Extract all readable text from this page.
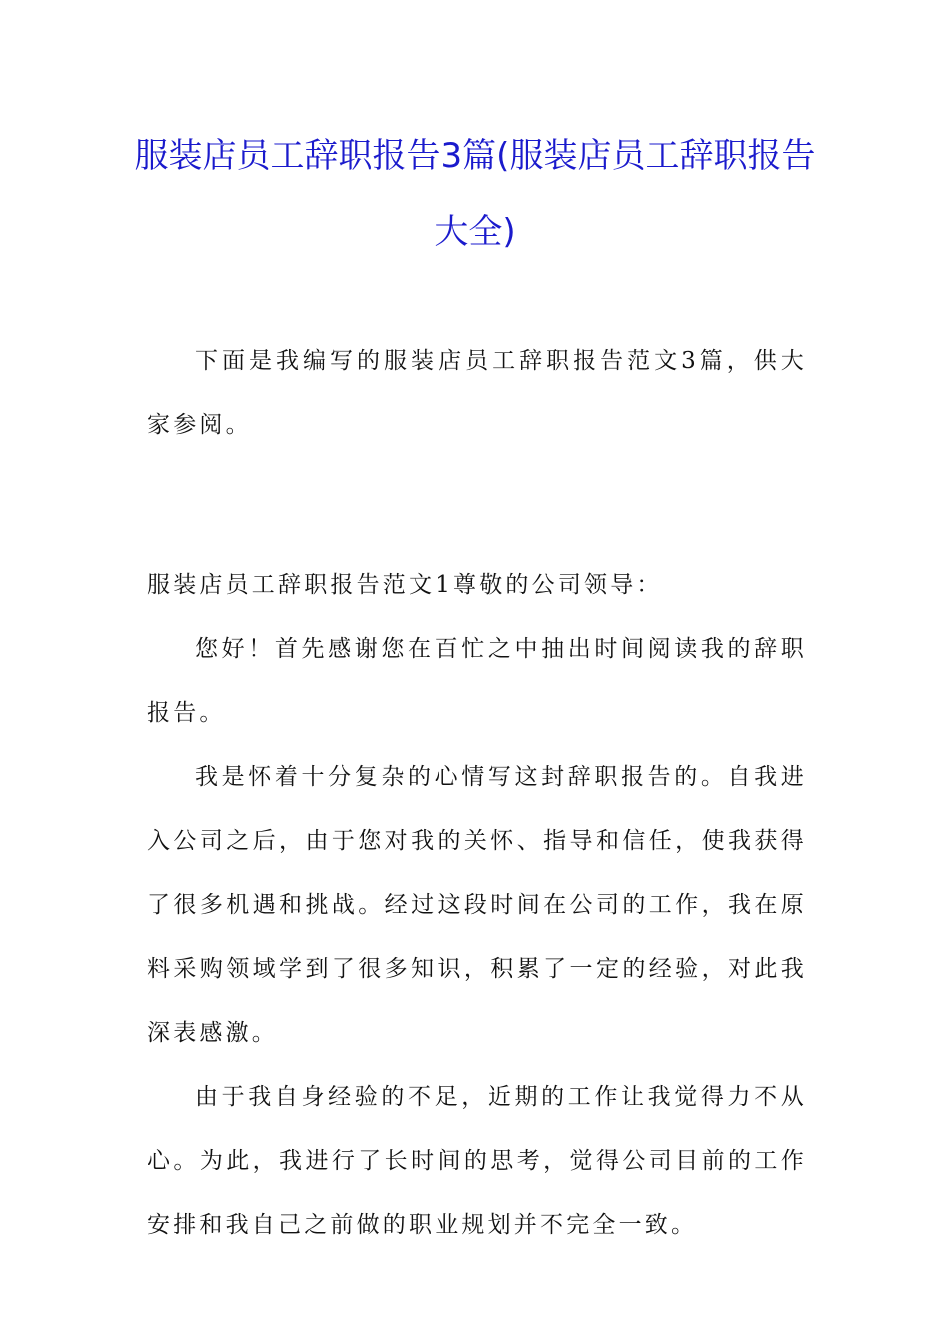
服装店员工辞职报告3篇(服装店员工辞职报告大全)

下面是我编写的服装店员工辞职报告范文3篇，供大家参阅。

服装店员工辞职报告范文1尊敬的公司领导：

您好！首先感谢您在百忙之中抽出时间阅读我的辞职报告。

我是怀着十分复杂的心情写这封辞职报告的。自我进入公司之后，由于您对我的关怀、指导和信任，使我获得了很多机遇和挑战。经过这段时间在公司的工作，我在原料采购领域学到了很多知识，积累了一定的经验，对此我深表感激。

由于我自身经验的不足，近期的工作让我觉得力不从心。为此，我进行了长时间的思考，觉得公司目前的工作安排和我自己之前做的职业规划并不完全一致。
